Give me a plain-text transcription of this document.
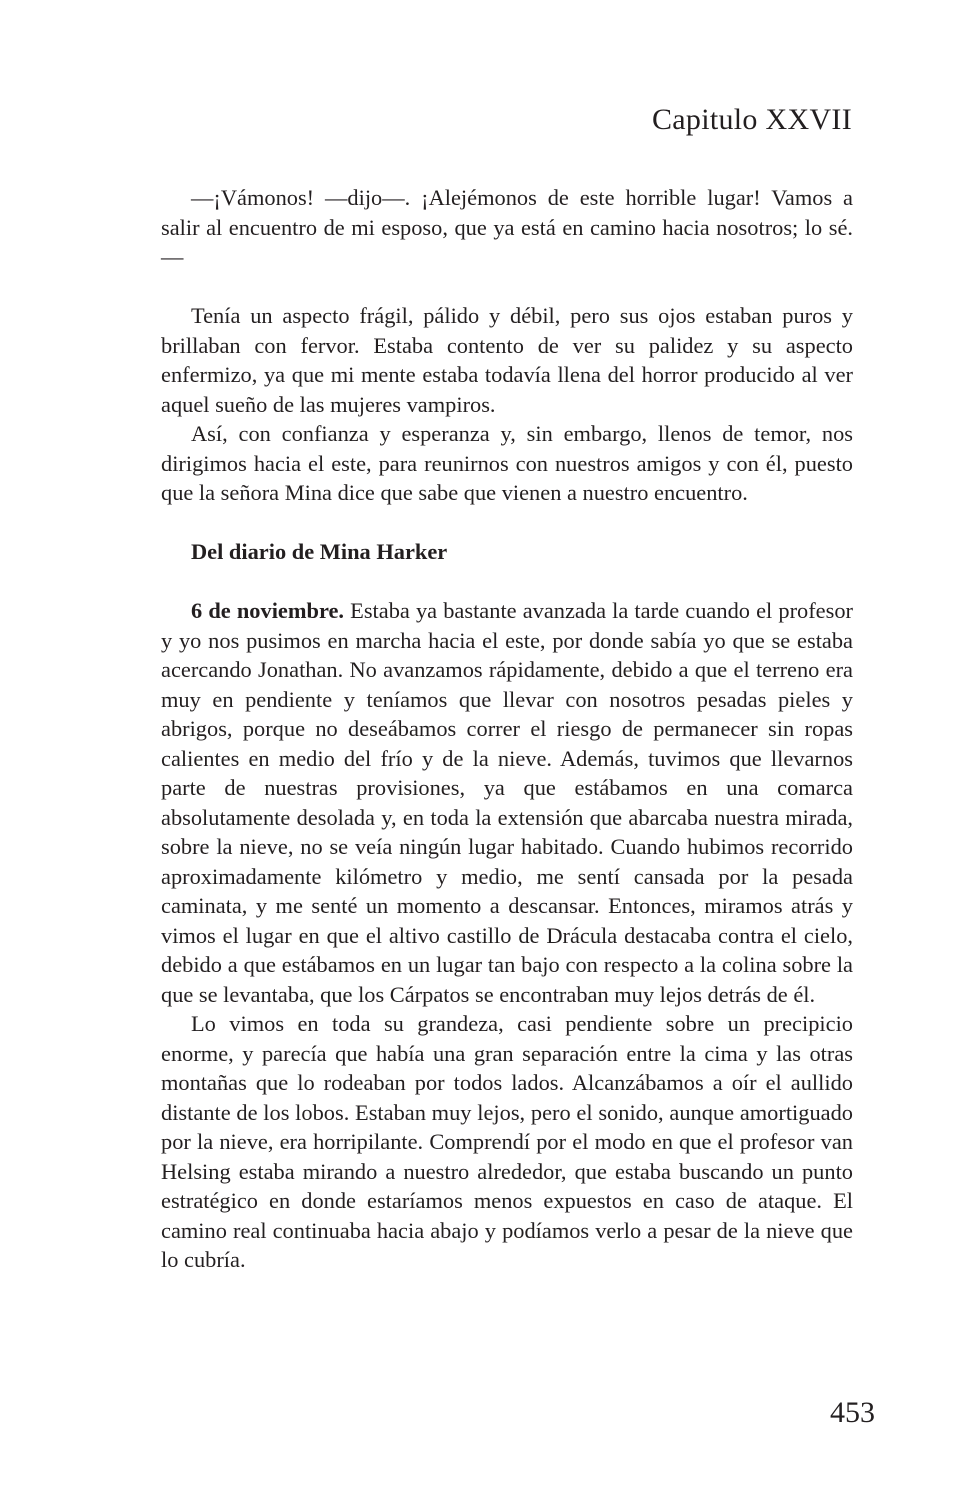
Capitulo XXVII

—¡Vámonos! —dijo—. ¡Alejémonos de este horrible lugar! Vamos a salir al encuentro de mi esposo, que ya está en camino hacia nosotros; lo sé.—

Tenía un aspecto frágil, pálido y débil, pero sus ojos estaban puros y brillaban con fervor. Estaba contento de ver su palidez y su aspecto enfermizo, ya que mi mente estaba todavía llena del horror producido al ver aquel sueño de las mujeres vampiros.

Así, con confianza y esperanza y, sin embargo, llenos de temor, nos dirigimos hacia el este, para reunirnos con nuestros amigos y con él, puesto que la señora Mina dice que sabe que vienen a nuestro encuentro.

Del diario de Mina Harker

6 de noviembre. Estaba ya bastante avanzada la tarde cuando el profesor y yo nos pusimos en marcha hacia el este, por donde sabía yo que se estaba acercando Jonathan. No avanzamos rápidamente, debido a que el terreno era muy en pendiente y teníamos que llevar con nosotros pesadas pieles y abrigos, porque no deseábamos correr el riesgo de permanecer sin ropas calientes en medio del frío y de la nieve. Además, tuvimos que llevarnos parte de nuestras provisiones, ya que estábamos en una comarca absolutamente desolada y, en toda la extensión que abarcaba nuestra mirada, sobre la nieve, no se veía ningún lugar habitado. Cuando hubimos recorrido aproximadamente kilómetro y medio, me sentí cansada por la pesada caminata, y me senté un momento a descansar. Entonces, miramos atrás y vimos el lugar en que el altivo castillo de Drácula destacaba contra el cielo, debido a que estábamos en un lugar tan bajo con respecto a la colina sobre la que se levantaba, que los Cárpatos se encontraban muy lejos detrás de él.

Lo vimos en toda su grandeza, casi pendiente sobre un precipicio enorme, y parecía que había una gran separación entre la cima y las otras montañas que lo rodeaban por todos lados. Alcanzábamos a oír el aullido distante de los lobos. Estaban muy lejos, pero el sonido, aunque amortiguado por la nieve, era horripilante. Comprendí por el modo en que el profesor van Helsing estaba mirando a nuestro alrededor, que estaba buscando un punto estratégico en donde estaríamos menos expuestos en caso de ataque. El camino real continuaba hacia abajo y podíamos verlo a pesar de la nieve que lo cubría.

453
